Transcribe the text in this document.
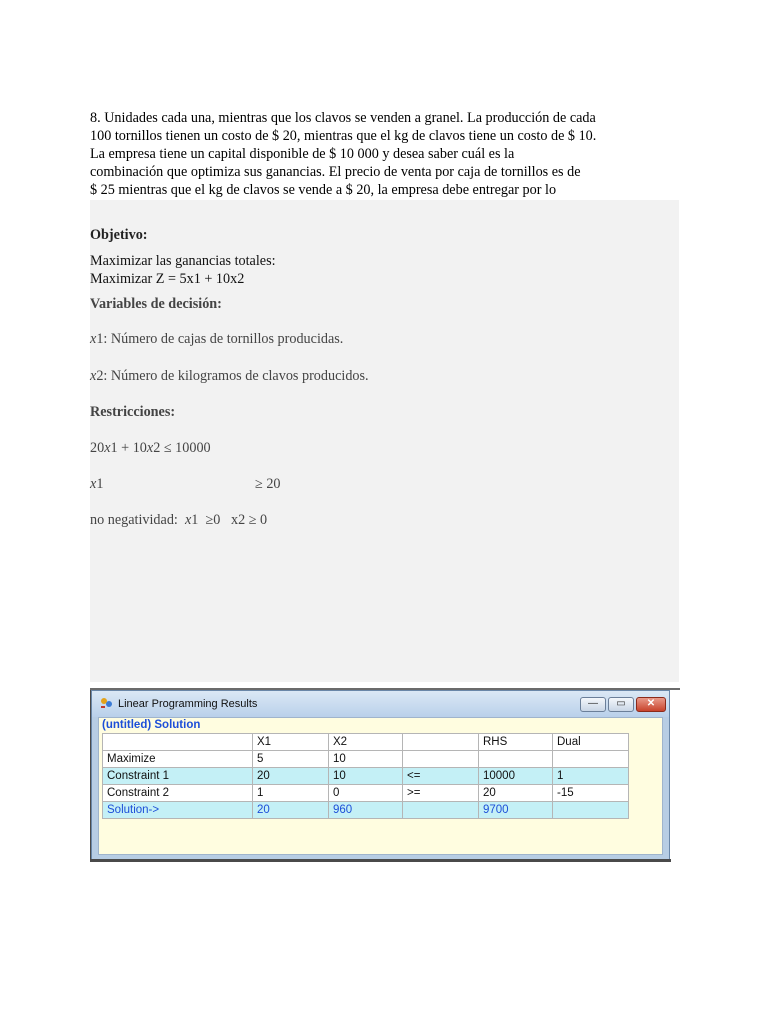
8. Unidades cada una, mientras que los clavos se venden a granel. La producción de cada

100 tornillos tienen un costo de $ 20, mientras que el kg de clavos tiene un costo de $ 10.

La empresa tiene un capital disponible de $ 10 000 y desea saber cuál es la

combinación que optimiza sus ganancias. El precio de venta por caja de tornillos es de

$ 25 mientras que el kg de clavos se vende a $ 20, la empresa debe entregar por lo

Objetivo:
Maximizar las ganancias totales:
Maximizar Z = 5x1 + 10x2
Variables de decisión:
x1: Número de cajas de tornillos producidas.
x2: Número de kilogramos de clavos producidos.
Restricciones:
20x1 + 10x2 ≤ 10000
x1	≥ 20
no negatividad:  x1  ≥0   x2 ≥ 0
Linear Programming Results	—	▭	✕
(untitled) Solution
	X1	X2		RHS	Dual
Maximize	5	10			
Constraint 1	20	10	<=	10000	1
Constraint 2	1	0	>=	20	-15
Solution->	20	960		9700	
